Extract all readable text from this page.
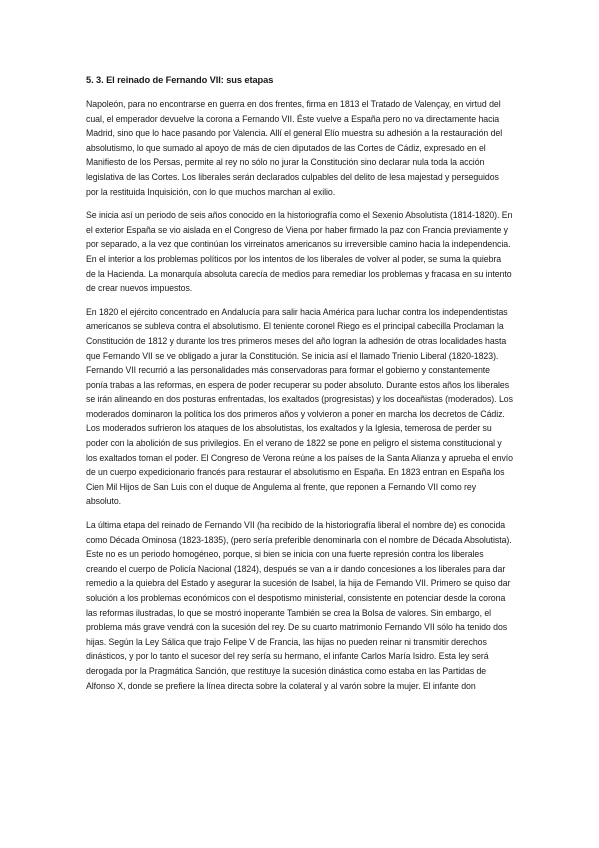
5. 3. El reinado de Fernando VII: sus etapas

Napoleón, para no encontrarse en guerra en dos frentes, firma en 1813 el Tratado de Valençay, en virtud del cual, el emperador devuelve la corona a Fernando VII. Éste vuelve a España pero no va directamente hacia Madrid, sino que lo hace pasando por Valencia. Allí el general Elío muestra su adhesión a la restauración del absolutismo, lo que sumado al apoyo de más de cien diputados de las Cortes de Cádiz, expresado en el Manifiesto de los Persas, permite al rey no sólo no jurar la Constitución sino declarar nula toda la acción legislativa de las Cortes. Los liberales serán declarados culpables del delito de lesa majestad y perseguidos por la restituida Inquisición, con lo que muchos marchan al exilio.

Se inicia así un periodo de seis años conocido en la historiografía como el Sexenio Absolutista (1814-1820). En el exterior España se vio aislada en el Congreso de Viena por haber firmado la paz con Francia previamente y por separado, a la vez que continúan los virreinatos americanos su irreversible camino hacia la independencia. En el interior a los problemas políticos por los intentos de los liberales de volver al poder, se suma la quiebra de la Hacienda. La monarquía absoluta carecía de medios para remediar los problemas y fracasa en su intento de crear nuevos impuestos.

En 1820 el ejército concentrado en Andalucía para salir hacia América para luchar contra los independentistas americanos se subleva contra el absolutismo. El teniente coronel Riego es el principal cabecilla Proclaman la Constitución de 1812 y durante los tres primeros meses del año logran la adhesión de otras localidades hasta que Fernando VII se ve obligado a jurar la Constitución. Se inicia así el llamado Trienio Liberal (1820-1823). Fernando VII recurrió a las personalidades más conservadoras para formar el gobierno y constantemente ponía trabas a las reformas, en espera de poder recuperar su poder absoluto. Durante estos años los liberales se irán alineando en dos posturas enfrentadas, los exaltados (progresistas) y los doceañistas (moderados). Los moderados dominaron la política los dos primeros años y volvieron a poner en marcha los decretos de Cádiz. Los moderados sufrieron los ataques de los absolutistas, los exaltados y la Iglesia, temerosa de perder su poder con la abolición de sus privilegios. En el verano de 1822 se pone en peligro el sistema constitucional y los exaltados toman el poder. El Congreso de Verona reúne a los países de la Santa Alianza y aprueba el envío de un cuerpo expedicionario francés para restaurar el absolutismo en España. En 1823 entran en España los Cien Mil Hijos de San Luis con el duque de Angulema al frente, que reponen a Fernando VII como rey absoluto.

La última etapa del reinado de Fernando VII (ha recibido de la historiografía liberal el nombre de) es conocida como Década Ominosa (1823-1835), (pero sería preferible denominarla con el nombre de Década Absolutista). Este no es un periodo homogéneo, porque, si bien se inicia con una fuerte represión contra los liberales creando el cuerpo de Policía Nacional (1824), después se van a ir dando concesiones a los liberales para dar remedio a la quiebra del Estado y asegurar la sucesión de Isabel, la hija de Fernando VII. Primero se quiso dar solución a los problemas económicos con el despotismo ministerial, consistente en potenciar desde la corona las reformas ilustradas, lo que se mostró inoperante También se crea la Bolsa de valores. Sin embargo, el problema más grave vendrá con la sucesión del rey. De su cuarto matrimonio Fernando VII sólo ha tenido dos hijas. Según la Ley Sálica que trajo Felipe V de Francia, las hijas no pueden reinar ni transmitir derechos dinásticos, y por lo tanto el sucesor del rey sería su hermano, el infante Carlos María Isidro. Esta ley será derogada por la Pragmática Sanción, que restituye la sucesión dinástica como estaba en las Partidas de Alfonso X, donde se prefiere la línea directa sobre la colateral y al varón sobre la mujer. El infante don
